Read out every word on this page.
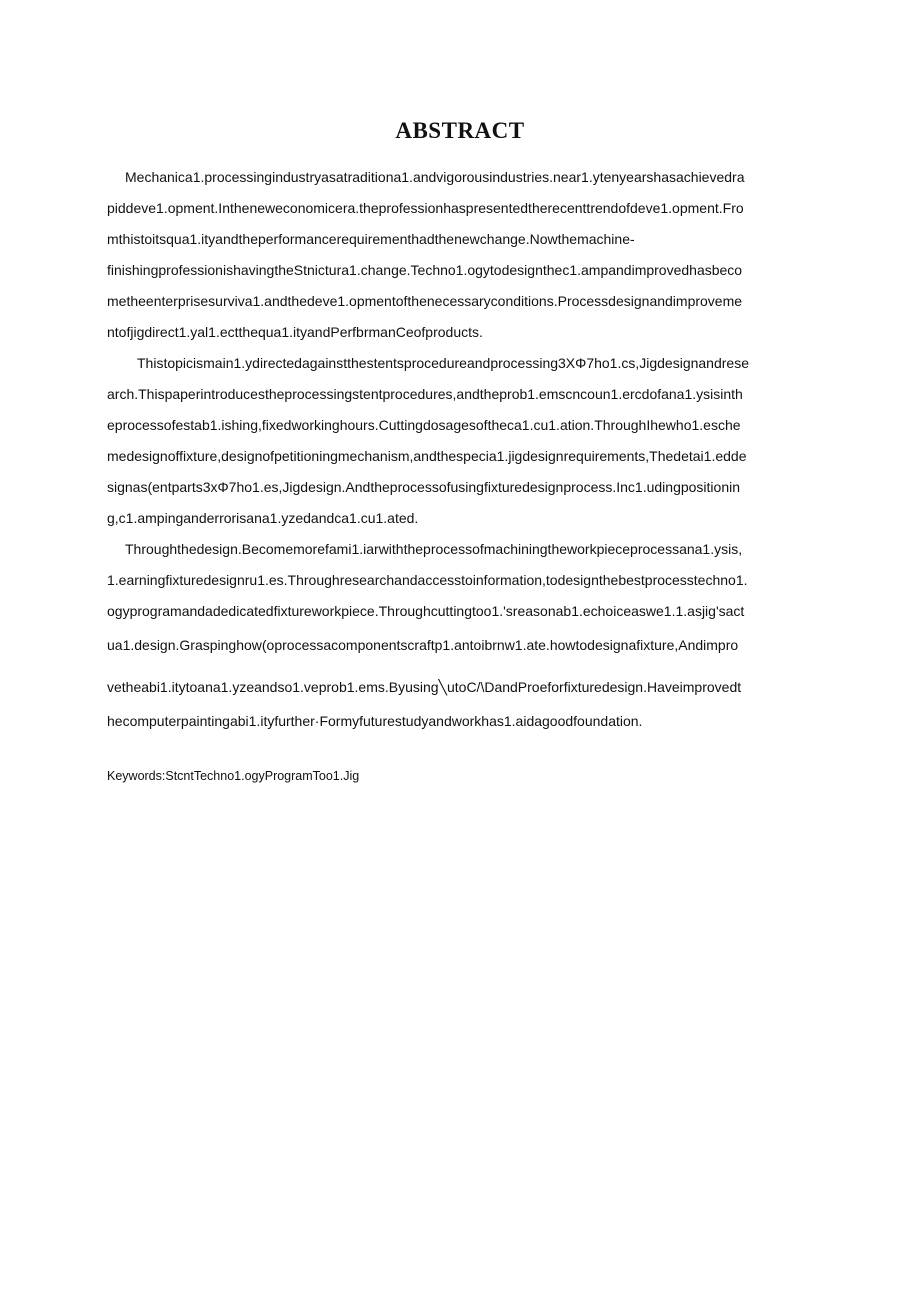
ABSTRACT
Mechanica1.processingindustryasatraditiona1.andvigorousindustries.near1.ytenyearshasachievedra
piddeve1.opment.Inthenewеconomicera.theprofessionhaspresentedtherecenttrendofdeve1.opment.Fro
mthistoitsqua1.ityandtheperformancerequirementhadthenewchange.Nowthemachine-
finishingprofessionishavingtheStnictura1.change.Techno1.ogytodesignthec1.ampandimprovedhasbeco
metheenterprisesurviva1.andthedeve1.opmentofthenecessaryconditions.Processdesignandimproveme
ntofjigdirect1.yal1.ectthequa1.ityandPerfbrmanCeofproducts.
Thistopicismain1.ydirectedagainstthestentsprocedureandprocessing3XΦ7ho1.cs,Jigdesignandrese
arch.Thispaperintroducestheprocessingstentprocedures,andtheprob1.emscncoun1.ercdofana1.ysisinth
eprocessofestab1.ishing,fixedworkinghours.Cuttingdosagesoftheca1.cu1.ation.ThroughIhewho1.esche
medesignoffixture,designofpetitioningmechanism,andthespecia1.jigdesignrequirements,Thedetai1.edde
signas(entparts3xΦ7ho1.es,Jigdesign.Andtheprocessofusingfixturedesignprocess.Inc1.udingpositionin
g,c1.ampinganderrorisana1.yzedandca1.cu1.ated.
Throughthedesign.Becomemorefami1.iarwiththeprocessofmachiningtheworkpieceprocessana1.ysis,
1.earningfixturedesignru1.es.Throughresearchandaccesstoinformation,todesignthebestprocesstechno1.
ogyprogramandadedicatedfixtureworkpiece.Throughcuttingtoo1.'sreasonab1.echoiceaswe1.1.asjig'sact
ua1.design.Graspinghow(oprocessacomponentscraftp1.antoibrnw1.ate.howtodesignafixture,Andimpro
vetheabi1.itytoana1.yzeandso1.veprob1.ems.Byusing╲utoC/\DandProeforfixturedesign.Haveimprovedt
hecomputerpaintingabi1.ityfurther·Formyfuturestudyandworkhas1.aidagoodfoundation.
Keywords:StcntTechno1.ogyProgramToo1.Jig
